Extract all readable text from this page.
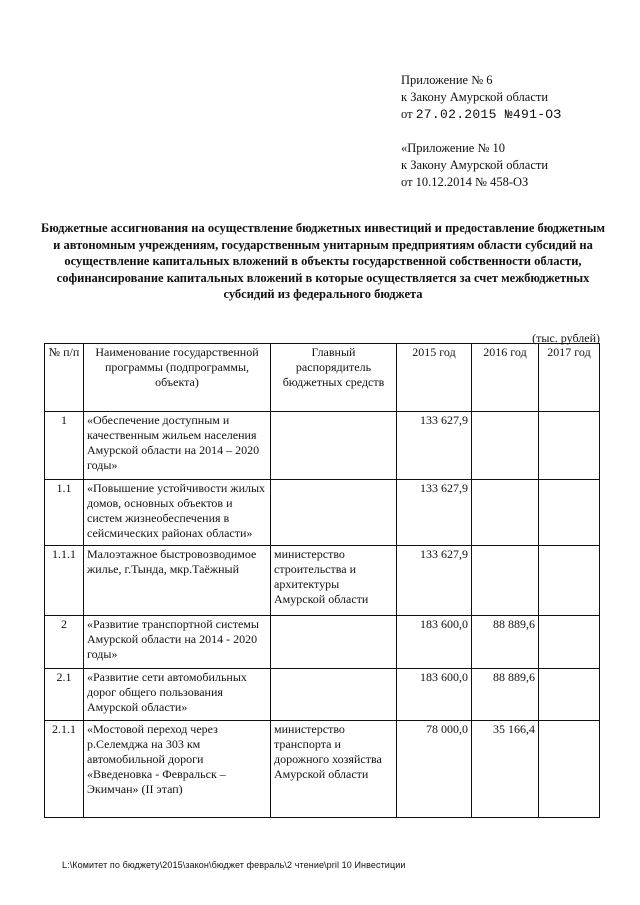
Приложение № 6
к Закону Амурской области
от 27.02.2015 №491-ОЗ
«Приложение № 10
к Закону Амурской области
от 10.12.2014 № 458-ОЗ
Бюджетные ассигнования на осуществление бюджетных инвестиций и предоставление бюджетным и автономным учреждениям, государственным унитарным предприятиям области субсидий на осуществление капитальных вложений в объекты государственной собственности области, софинансирование капитальных вложений в которые осуществляется за счет межбюджетных субсидий из федерального бюджета
(тыс. рублей)
№ п/п	Наименование государственной программы (подпрограммы, объекта)	Главный распорядитель бюджетных средств	2015 год	2016 год	2017 год
1	«Обеспечение доступным и качественным жильем населения Амурской области на 2014 – 2020 годы»		133 627,9		
1.1	«Повышение устойчивости жилых домов, основных объектов и систем жизнеобеспечения в сейсмических районах области»		133 627,9		
1.1.1	Малоэтажное быстровозводимое жилье, г.Тында, мкр.Таёжный	министерство строительства и архитектуры Амурской области	133 627,9		
2	«Развитие транспортной системы Амурской области на 2014 - 2020 годы»		183 600,0	88 889,6	
2.1	«Развитие сети автомобильных дорог общего пользования Амурской области»		183 600,0	88 889,6	
2.1.1	«Мостовой переход через р.Селемджа на 303 км автомобильной дороги «Введеновка - Февральск – Экимчан» (II этап)	министерство транспорта и дорожного хозяйства Амурской области	78 000,0	35 166,4	
L:\Комитет по бюджету\2015\закон\бюджет февраль\2 чтение\pril 10 Инвестиции
